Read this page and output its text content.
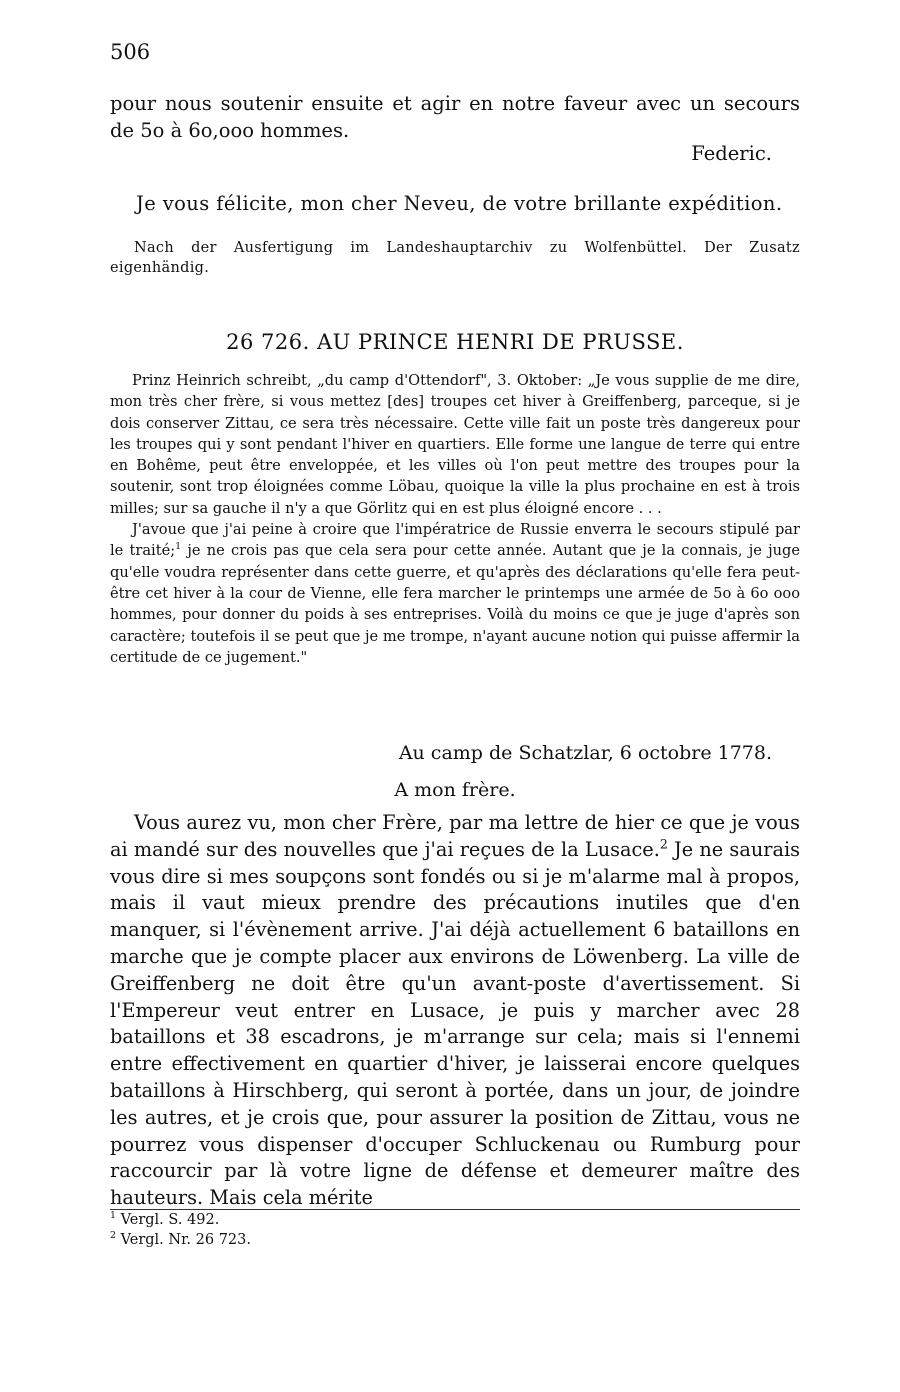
506
pour nous soutenir ensuite et agir en notre faveur avec un secours de 5o à 6o,ooo hommes.
Federic.
Je vous félicite, mon cher Neveu, de votre brillante expédition.
Nach der Ausfertigung im Landeshauptarchiv zu Wolfenbüttel. Der Zusatz eigenhändig.
26 726. AU PRINCE HENRI DE PRUSSE.

Prinz Heinrich schreibt, „du camp d'Ottendorf", 3. Oktober: „Je vous supplie de me dire, mon très cher frère, si vous mettez [des] troupes cet hiver à Greiffenberg, parceque, si je dois conserver Zittau, ce sera très nécessaire. Cette ville fait un poste très dangereux pour les troupes qui y sont pendant l'hiver en quartiers. Elle forme une langue de terre qui entre en Bohême, peut être enveloppée, et les villes où l'on peut mettre des troupes pour la soutenir, sont trop éloignées comme Löbau, quoique la ville la plus prochaine en est à trois milles; sur sa gauche il n'y a que Görlitz qui en est plus éloigné encore . . .

J'avoue que j'ai peine à croire que l'impératrice de Russie enverra le secours stipulé par le traité;$^1$ je ne crois pas que cela sera pour cette année. Autant que je la connais, je juge qu'elle voudra représenter dans cette guerre, et qu'après des déclarations qu'elle fera peut-être cet hiver à la cour de Vienne, elle fera marcher le printemps une armée de 5o à 6o ooo hommes, pour donner du poids à ses entreprises. Voilà du moins ce que je juge d'après son caractère; toutefois il se peut que je me trompe, n'ayant aucune notion qui puisse affermir la certitude de ce jugement."

Au camp de Schatzlar, 6 octobre 1778.
A mon frère.
Vous aurez vu, mon cher Frère, par ma lettre de hier ce que je vous ai mandé sur des nouvelles que j'ai reçues de la Lusace.$^2$ Je ne saurais vous dire si mes soupçons sont fondés ou si je m'alarme mal à propos, mais il vaut mieux prendre des précautions inutiles que d'en manquer, si l'évènement arrive. J'ai déjà actuellement 6 bataillons en marche que je compte placer aux environs de Löwenberg. La ville de Greiffenberg ne doit être qu'un avant-poste d'avertissement. Si l'Empereur veut entrer en Lusace, je puis y marcher avec 28 bataillons et 38 escadrons, je m'arrange sur cela; mais si l'ennemi entre effectivement en quartier d'hiver, je laisserai encore quelques bataillons à Hirschberg, qui seront à portée, dans un jour, de joindre les autres, et je crois que, pour assurer la position de Zittau, vous ne pourrez vous dispenser d'occuper Schluckenau ou Rumburg pour raccourcir par là votre ligne de défense et demeurer maître des hauteurs. Mais cela mérite
$^1$ Vergl. S. 492.
$^2$ Vergl. Nr. 26 723.
